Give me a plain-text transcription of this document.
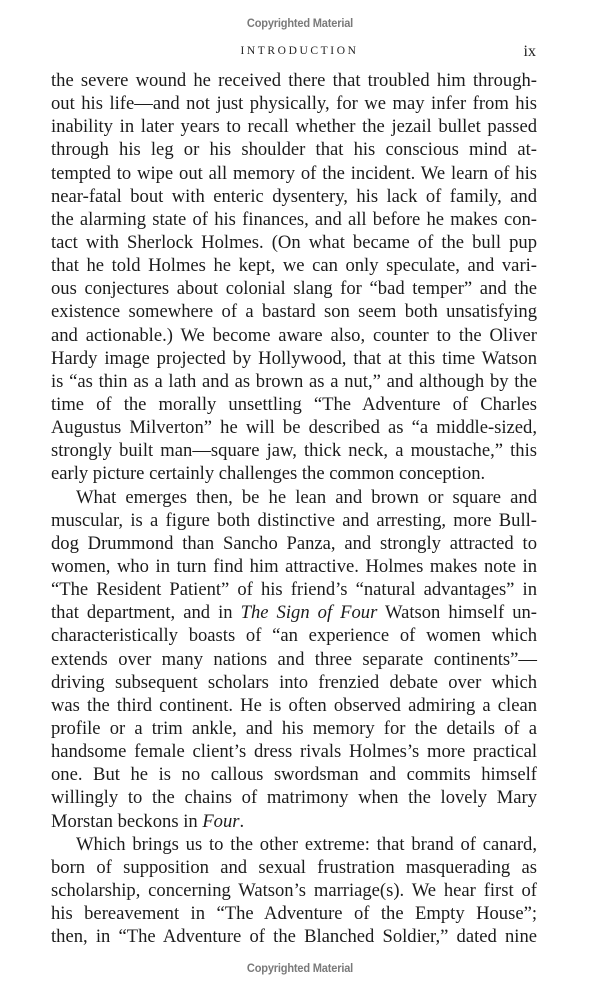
Copyrighted Material
INTRODUCTION	ix
the severe wound he received there that troubled him through-
out his life—and not just physically, for we may infer from his
inability in later years to recall whether the jezail bullet passed
through his leg or his shoulder that his conscious mind at-
tempted to wipe out all memory of the incident. We learn of his
near-fatal bout with enteric dysentery, his lack of family, and
the alarming state of his finances, and all before he makes con-
tact with Sherlock Holmes. (On what became of the bull pup
that he told Holmes he kept, we can only speculate, and vari-
ous conjectures about colonial slang for “bad temper” and the
existence somewhere of a bastard son seem both unsatisfying
and actionable.) We become aware also, counter to the Oliver
Hardy image projected by Hollywood, that at this time Watson
is “as thin as a lath and as brown as a nut,” and although by the
time of the morally unsettling “The Adventure of Charles
Augustus Milverton” he will be described as “a middle-sized,
strongly built man—square jaw, thick neck, a moustache,” this
early picture certainly challenges the common conception.
What emerges then, be he lean and brown or square and
muscular, is a figure both distinctive and arresting, more Bull-
dog Drummond than Sancho Panza, and strongly attracted to
women, who in turn find him attractive. Holmes makes note in
“The Resident Patient” of his friend’s “natural advantages” in
that department, and in The Sign of Four Watson himself un-
characteristically boasts of “an experience of women which
extends over many nations and three separate continents”—
driving subsequent scholars into frenzied debate over which
was the third continent. He is often observed admiring a clean
profile or a trim ankle, and his memory for the details of a
handsome female client’s dress rivals Holmes’s more practical
one. But he is no callous swordsman and commits himself
willingly to the chains of matrimony when the lovely Mary
Morstan beckons in Four.
Which brings us to the other extreme: that brand of canard,
born of supposition and sexual frustration masquerading as
scholarship, concerning Watson’s marriage(s). We hear first of
his bereavement in “The Adventure of the Empty House”;
then, in “The Adventure of the Blanched Soldier,” dated nine
Copyrighted Material
